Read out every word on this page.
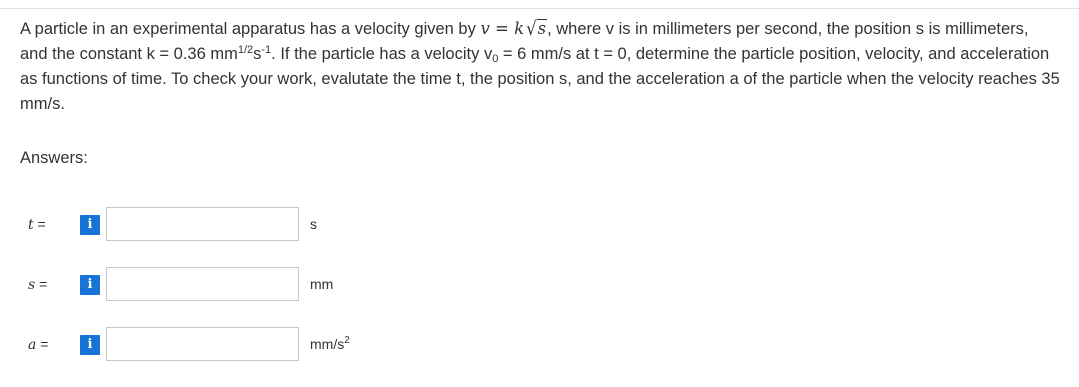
A particle in an experimental apparatus has a velocity given by v = k √s, where v is in millimeters per second, the position s is millimeters, and the constant k = 0.36 $mm^{1/2}s^{-1}$. If the particle has a velocity $v_0 = 6$ mm/s at t = 0, determine the particle position, velocity, and acceleration as functions of time. To check your work, evalutate the time t, the position s, and the acceleration a of the particle when the velocity reaches 35 mm/s.
Answers:
t =	i	s
s =	i	mm
a =	i	$mm/s^2$
